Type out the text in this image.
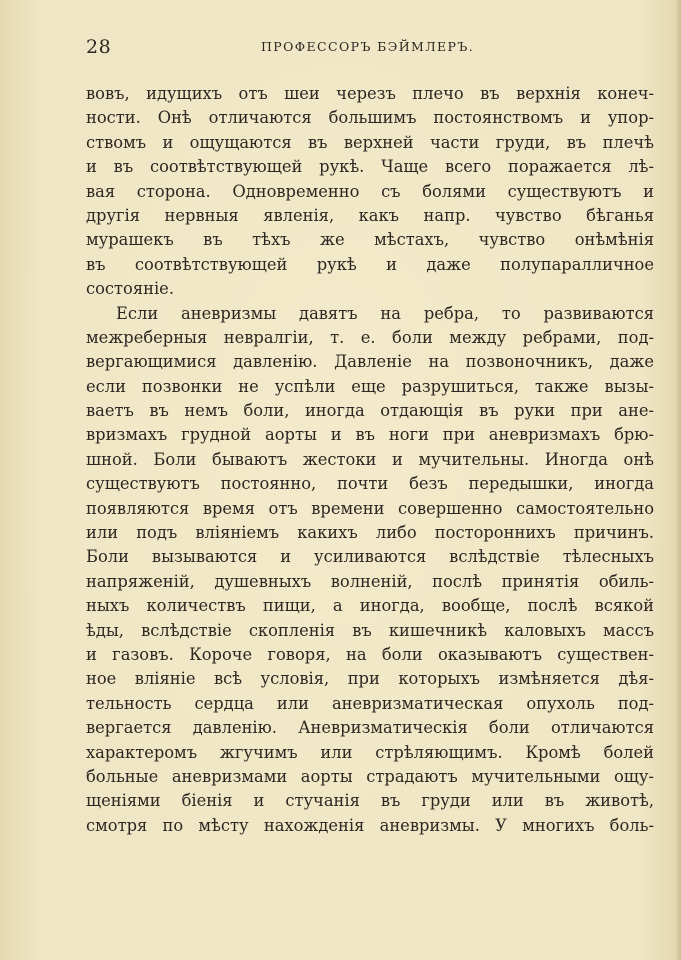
28	ПРОФЕССОРЪ БЭЙМЛЕРЪ.
вовъ, идущихъ отъ шеи черезъ плечо въ верхнія конеч-
ности. Онѣ отличаются большимъ постоянствомъ и упор-
ствомъ и ощущаются въ верхней части груди, въ плечѣ
и въ соотвѣтствующей рукѣ. Чаще всего поражается лѣ-
вая сторона. Одновременно съ болями существуютъ и
другія нервныя явленія, какъ напр. чувство бѣганья
мурашекъ въ тѣхъ же мѣстахъ, чувство онѣмѣнія
въ соотвѣтствующей рукѣ и даже полупаралличное
состояніе.
Если аневризмы давятъ на ребра, то развиваются
межреберныя невралгіи, т. е. боли между ребрами, под-
вергающимися давленію. Давленіе на позвоночникъ, даже
если позвонки не успѣли еще разрушиться, также вызы-
ваетъ въ немъ боли, иногда отдающія въ руки при ане-
вризмахъ грудной аорты и въ ноги при аневризмахъ брю-
шной. Боли бываютъ жестоки и мучительны. Иногда онѣ
существуютъ постоянно, почти безъ передышки, иногда
появляются время отъ времени совершенно самостоятельно
или подъ вліяніемъ какихъ либо постороннихъ причинъ.
Боли вызываются и усиливаются вслѣдствіе тѣлесныхъ
напряженій, душевныхъ волненій, послѣ принятія обиль-
ныхъ количествъ пищи, а иногда, вообще, послѣ всякой
ѣды, вслѣдствіе скопленія въ кишечникѣ каловыхъ массъ
и газовъ. Короче говоря, на боли оказываютъ существен-
ное вліяніе всѣ условія, при которыхъ измѣняется дѣя-
тельность сердца или аневризматическая опухоль под-
вергается давленію. Аневризматическія боли отличаются
характеромъ жгучимъ или стрѣляющимъ. Кромѣ болей
больные аневризмами аорты страдаютъ мучительными ощу-
щеніями біенія и стучанія въ груди или въ животѣ,
смотря по мѣсту нахожденія аневризмы. У многихъ боль-
